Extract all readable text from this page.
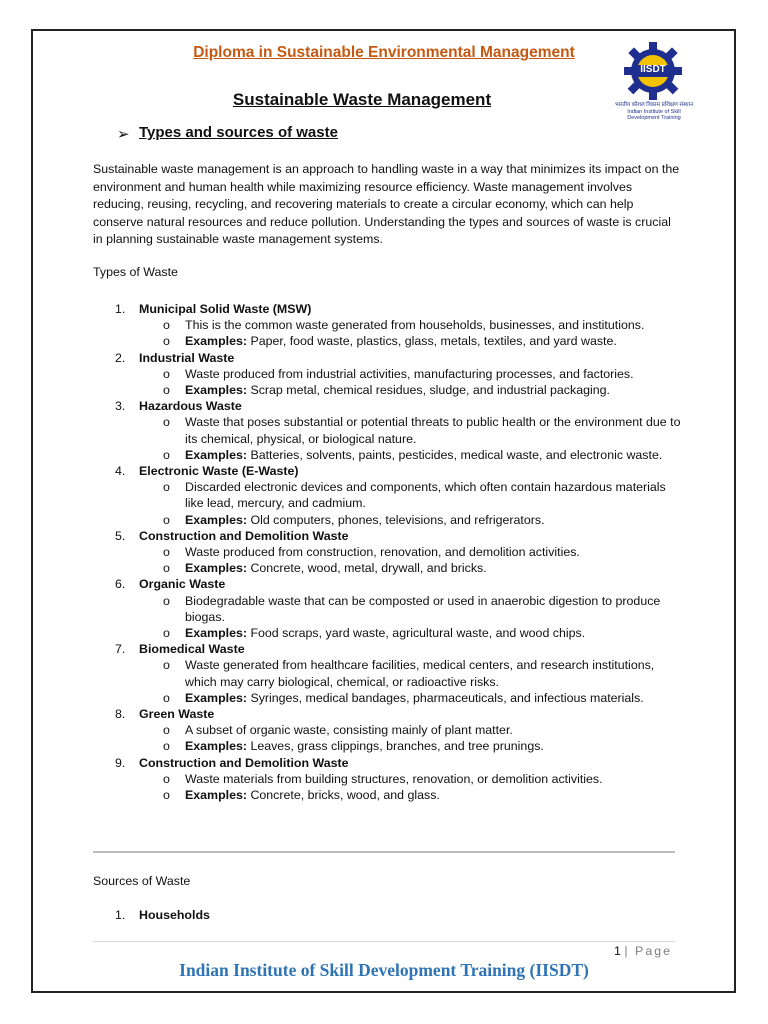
Diploma in Sustainable Environmental Management
IISDT
भारतीय कौशल विकास प्रशिक्षण संस्थान
Indian Institute of Skill Development Training
Sustainable Waste Management
➢ Types and sources of waste
Sustainable waste management is an approach to handling waste in a way that minimizes its impact on the environment and human health while maximizing resource efficiency. Waste management involves reducing, reusing, recycling, and recovering materials to create a circular economy, which can help conserve natural resources and reduce pollution. Understanding the types and sources of waste is crucial in planning sustainable waste management systems.
Types of Waste
1. Municipal Solid Waste (MSW)
o This is the common waste generated from households, businesses, and institutions.
o Examples: Paper, food waste, plastics, glass, metals, textiles, and yard waste.
2. Industrial Waste
o Waste produced from industrial activities, manufacturing processes, and factories.
o Examples: Scrap metal, chemical residues, sludge, and industrial packaging.
3. Hazardous Waste
o Waste that poses substantial or potential threats to public health or the environment due to its chemical, physical, or biological nature.
o Examples: Batteries, solvents, paints, pesticides, medical waste, and electronic waste.
4. Electronic Waste (E-Waste)
o Discarded electronic devices and components, which often contain hazardous materials like lead, mercury, and cadmium.
o Examples: Old computers, phones, televisions, and refrigerators.
5. Construction and Demolition Waste
o Waste produced from construction, renovation, and demolition activities.
o Examples: Concrete, wood, metal, drywall, and bricks.
6. Organic Waste
o Biodegradable waste that can be composted or used in anaerobic digestion to produce biogas.
o Examples: Food scraps, yard waste, agricultural waste, and wood chips.
7. Biomedical Waste
o Waste generated from healthcare facilities, medical centers, and research institutions, which may carry biological, chemical, or radioactive risks.
o Examples: Syringes, medical bandages, pharmaceuticals, and infectious materials.
8. Green Waste
o A subset of organic waste, consisting mainly of plant matter.
o Examples: Leaves, grass clippings, branches, and tree prunings.
9. Construction and Demolition Waste
o Waste materials from building structures, renovation, or demolition activities.
o Examples: Concrete, bricks, wood, and glass.
Sources of Waste
1. Households
1 | Page
Indian Institute of Skill Development Training (IISDT)
